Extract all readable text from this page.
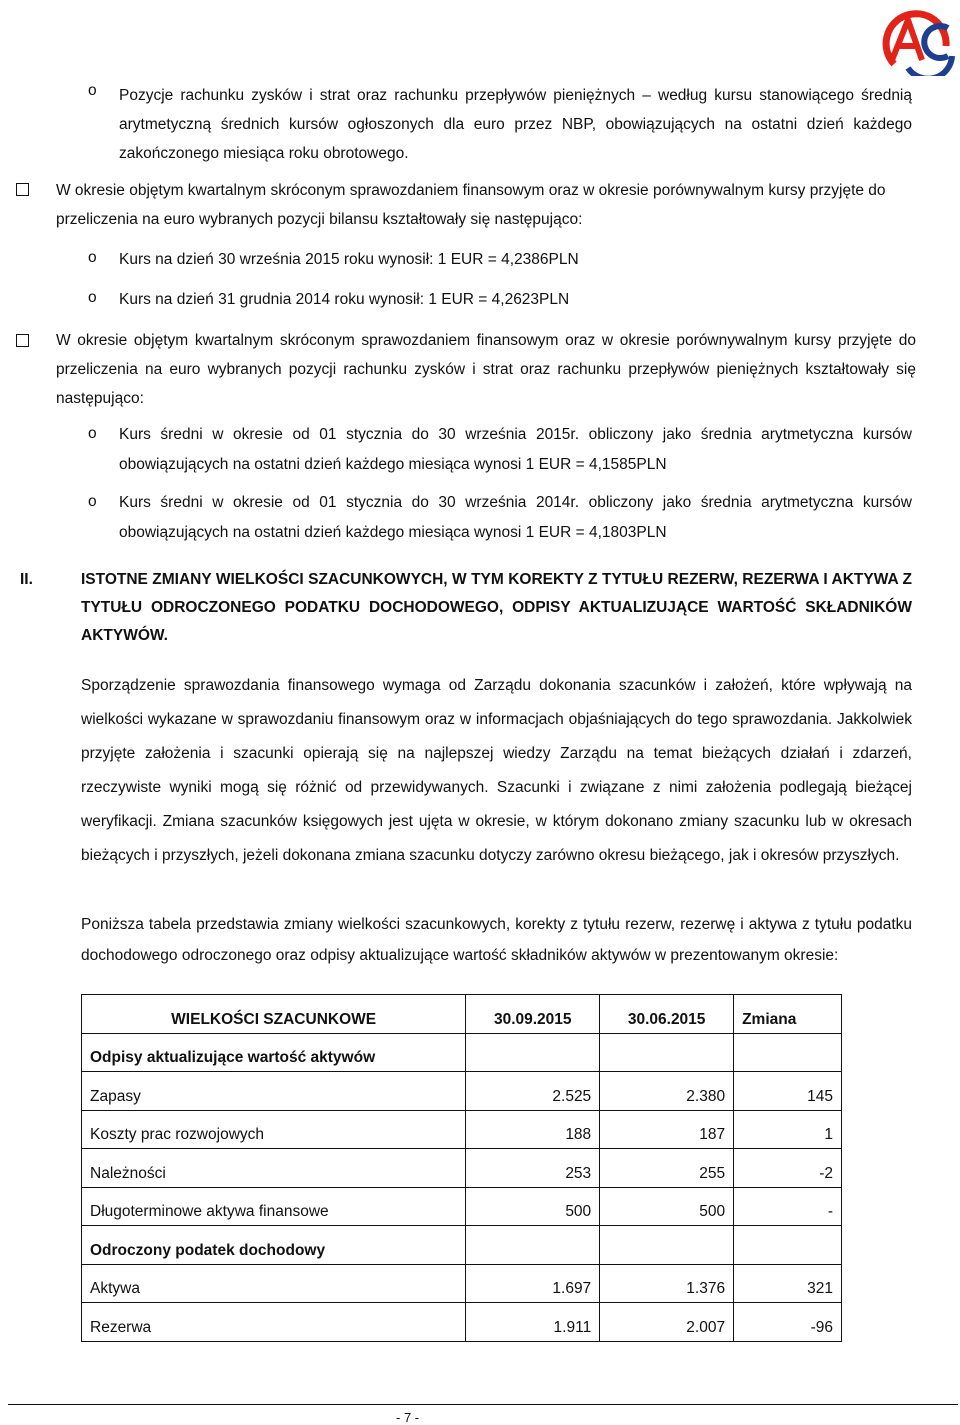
o	Pozycje rachunku zysków i strat oraz rachunku przepływów pieniężnych – według kursu stanowiącego średnią arytmetyczną średnich kursów ogłoszonych dla euro przez NBP, obowiązujących na ostatni dzień każdego zakończonego miesiąca roku obrotowego.
W okresie objętym kwartalnym skróconym sprawozdaniem finansowym oraz w okresie porównywalnym kursy przyjęte do przeliczenia na euro wybranych pozycji bilansu kształtowały się następująco:
o	Kurs na dzień 30 września 2015 roku wynosił: 1 EUR = 4,2386PLN
o	Kurs na dzień 31 grudnia 2014 roku wynosił: 1 EUR = 4,2623PLN
W okresie objętym kwartalnym skróconym sprawozdaniem finansowym oraz w okresie porównywalnym kursy przyjęte do przeliczenia na euro wybranych pozycji rachunku zysków i strat oraz rachunku przepływów pieniężnych kształtowały się następująco:
o	Kurs średni w okresie od 01 stycznia do 30 września 2015r. obliczony jako średnia arytmetyczna kursów obowiązujących na ostatni dzień każdego miesiąca wynosi 1 EUR = 4,1585PLN
o	Kurs średni w okresie od 01 stycznia do 30 września 2014r. obliczony jako średnia arytmetyczna kursów obowiązujących na ostatni dzień każdego miesiąca wynosi 1 EUR = 4,1803PLN
II.	ISTOTNE ZMIANY WIELKOŚCI SZACUNKOWYCH, W TYM KOREKTY Z TYTUŁU REZERW, REZERWA I AKTYWA Z TYTUŁU ODROCZONEGO PODATKU DOCHODOWEGO, ODPISY AKTUALIZUJĄCE WARTOŚĆ SKŁADNIKÓW AKTYWÓW.
Sporządzenie sprawozdania finansowego wymaga od Zarządu dokonania szacunków i założeń, które wpływają na wielkości wykazane w sprawozdaniu finansowym oraz w informacjach objaśniających do tego sprawozdania. Jakkolwiek przyjęte założenia i szacunki opierają się na najlepszej wiedzy Zarządu na temat bieżących działań i zdarzeń, rzeczywiste wyniki mogą się różnić od przewidywanych. Szacunki i związane z nimi założenia podlegają bieżącej weryfikacji. Zmiana szacunków księgowych jest ujęta w okresie, w którym dokonano zmiany szacunku lub w okresach bieżących i przyszłych, jeżeli dokonana zmiana szacunku dotyczy zarówno okresu bieżącego, jak i okresów przyszłych.
Poniższa tabela przedstawia zmiany wielkości szacunkowych, korekty z tytułu rezerw, rezerwę i aktywa z tytułu podatku dochodowego odroczonego oraz odpisy aktualizujące wartość składników aktywów w prezentowanym okresie:
WIELKOŚCI SZACUNKOWE	30.09.2015	30.06.2015	Zmiana
Odpisy aktualizujące wartość aktywów			
Zapasy	2.525	2.380	145
Koszty prac rozwojowych	188	187	1
Należności	253	255	-2
Długoterminowe aktywa finansowe	500	500	-
Odroczony podatek dochodowy			
Aktywa	1.697	1.376	321
Rezerwa	1.911	2.007	-96
- 7 -
